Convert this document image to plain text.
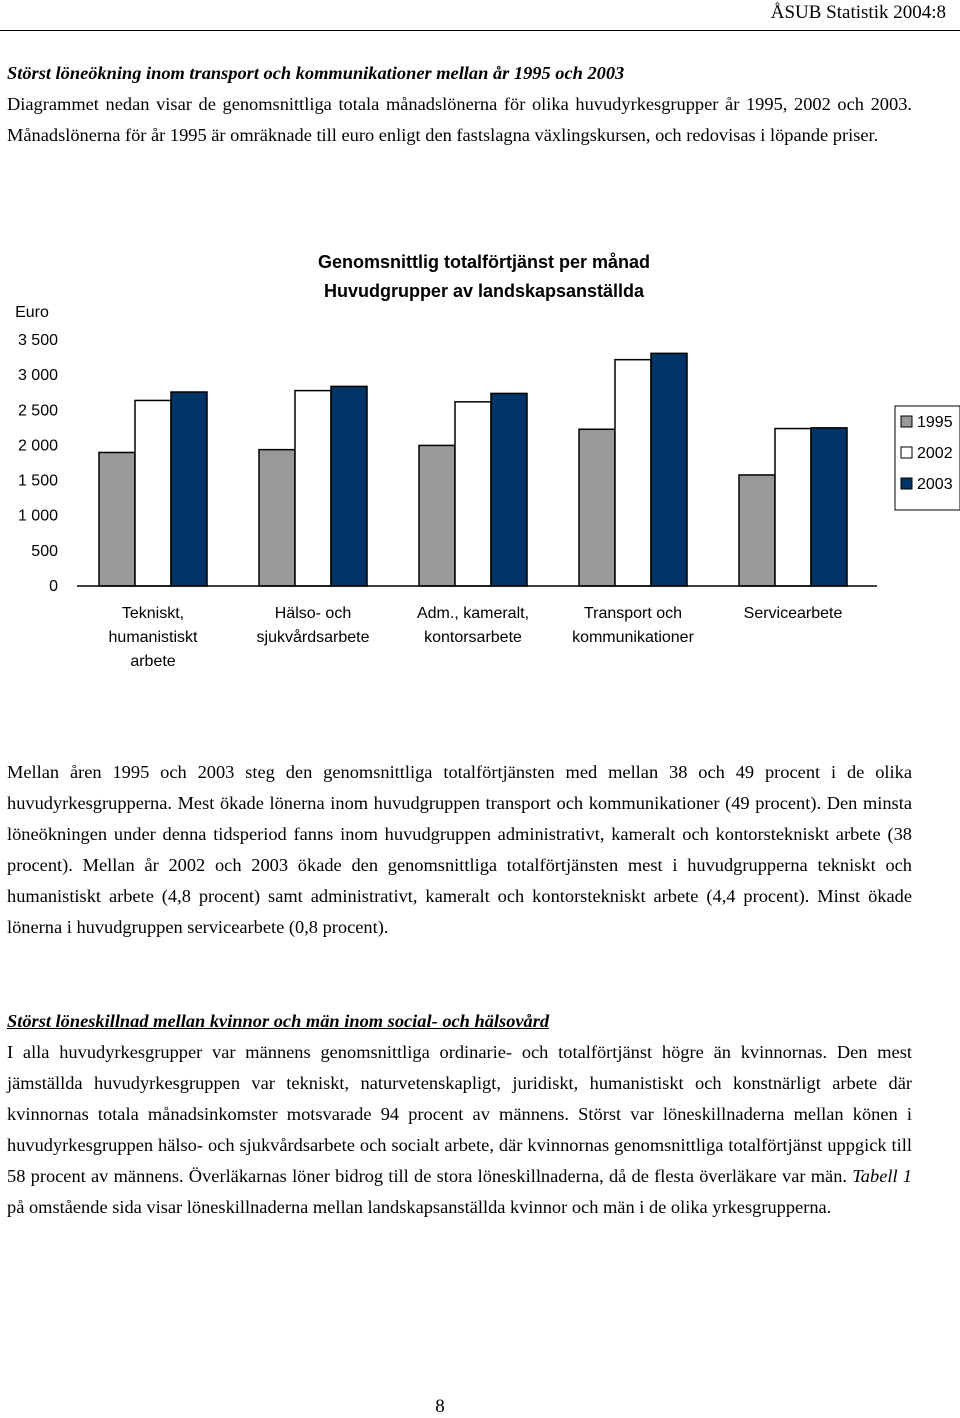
ÅSUB Statistik 2004:8

Störst löneökning inom transport och kommunikationer mellan år 1995 och 2003
Diagrammet nedan visar de genomsnittliga totala månadslönerna för olika huvudyrkesgrupper år 1995, 2002 och 2003. Månadslönerna för år 1995 är omräknade till euro enligt den fastslagna växlingskursen, och redovisas i löpande priser.

Genomsnittlig totalförtjänst per månad
Huvudgrupper av landskapsanställda
Euro
3 500
3 000
2 500
2 000
1 500
1 000
500
0
Tekniskt,
humanistiskt
arbete
Hälso- och
sjukvårdsarbete
Adm., kameralt,
kontorsarbete
Transport och
kommunikationer
Servicearbete
1995
2002
2003

Mellan åren 1995 och 2003 steg den genomsnittliga totalförtjänsten med mellan 38 och 49 procent i de olika huvudyrkesgrupperna. Mest ökade lönerna inom huvudgruppen transport och kommunikationer (49 procent). Den minsta löneökningen under denna tidsperiod fanns inom huvudgruppen administrativt, kameralt och kontorstekniskt arbete (38 procent). Mellan år 2002 och 2003 ökade den genomsnittliga totalförtjänsten mest i huvudgrupperna tekniskt och humanistiskt arbete (4,8 procent) samt administrativt, kameralt och kontorstekniskt arbete (4,4 procent). Minst ökade lönerna i huvudgruppen servicearbete (0,8 procent).

Störst löneskillnad mellan kvinnor och män inom social- och hälsovård
I alla huvudyrkesgrupper var männens genomsnittliga ordinarie- och totalförtjänst högre än kvinnornas. Den mest jämställda huvudyrkesgruppen var tekniskt, naturvetenskapligt, juridiskt, humanistiskt och konstnärligt arbete där kvinnornas totala månadsinkomster motsvarade 94 procent av männens. Störst var löneskillnaderna mellan könen i huvudyrkesgruppen hälso- och sjukvårdsarbete och socialt arbete, där kvinnornas genomsnittliga totalförtjänst uppgick till 58 procent av männens. Överläkarnas löner bidrog till de stora löneskillnaderna, då de flesta överläkare var män. Tabell 1 på omstående sida visar löneskillnaderna mellan landskapsanställda kvinnor och män i de olika yrkesgrupperna.

8
